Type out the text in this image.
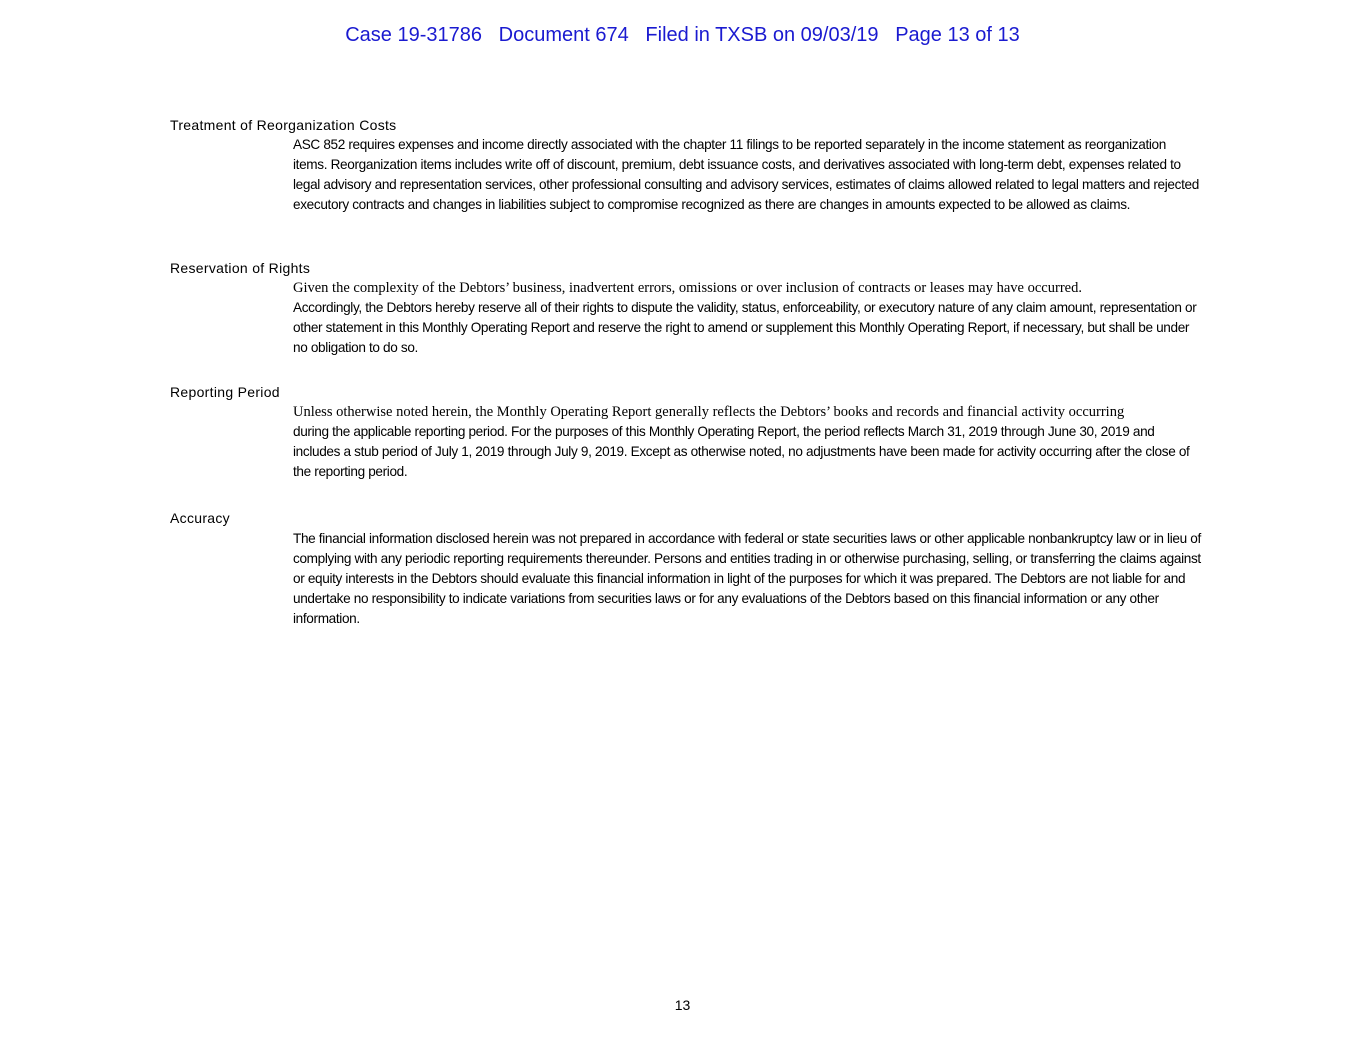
Case 19-31786   Document 674   Filed in TXSB on 09/03/19   Page 13 of 13
Treatment of Reorganization Costs
ASC 852 requires expenses and income directly associated with the chapter 11 filings to be reported separately in the income statement as reorganization items. Reorganization items includes write off of discount, premium, debt issuance costs, and derivatives associated with long-term debt, expenses related to legal advisory and representation services, other professional consulting and advisory services, estimates of claims allowed related to legal matters and rejected executory contracts and changes in liabilities subject to compromise recognized as there are changes in amounts expected to be allowed as claims.
Reservation of Rights
Given the complexity of the Debtors’ business, inadvertent errors, omissions or over inclusion of contracts or leases may have occurred.
Accordingly, the Debtors hereby reserve all of their rights to dispute the validity, status, enforceability, or executory nature of any claim amount, representation or other statement in this Monthly Operating Report and reserve the right to amend or supplement this Monthly Operating Report, if necessary, but shall be under no obligation to do so.
Reporting Period
Unless otherwise noted herein, the Monthly Operating Report generally reflects the Debtors’ books and records and financial activity occurring
during the applicable reporting period. For the purposes of this Monthly Operating Report, the period reflects March 31, 2019 through June 30, 2019 and includes a stub period of July 1, 2019 through July 9, 2019. Except as otherwise noted, no adjustments have been made for activity occurring after the close of the reporting period.
Accuracy
The financial information disclosed herein was not prepared in accordance with federal or state securities laws or other applicable nonbankruptcy law or in lieu of complying with any periodic reporting requirements thereunder. Persons and entities trading in or otherwise purchasing, selling, or transferring the claims against or equity interests in the Debtors should evaluate this financial information in light of the purposes for which it was prepared. The Debtors are not liable for and undertake no responsibility to indicate variations from securities laws or for any evaluations of the Debtors based on this financial information or any other information.
13
